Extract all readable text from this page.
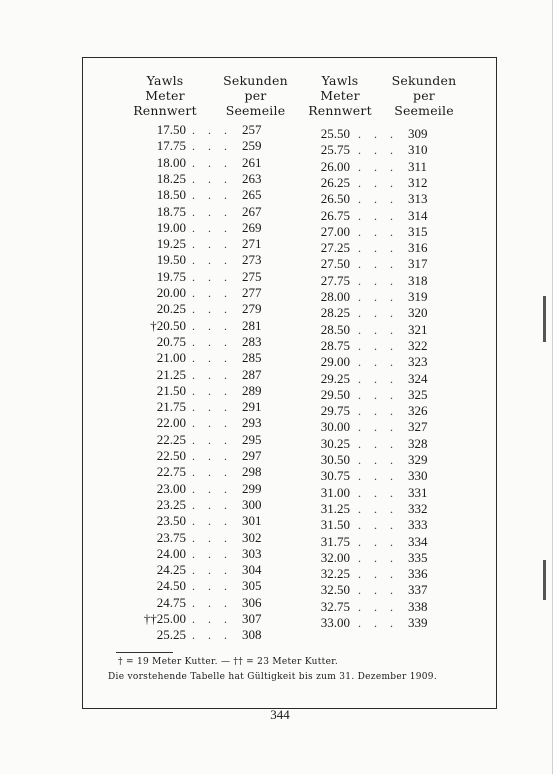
Yawls
Meter
Rennwert
Sekunden
per
Seemeile
Yawls
Meter
Rennwert
Sekunden
per
Seemeile
17.50 . . . 257
17.75 . . . 259
18.00 . . . 261
18.25 . . . 263
18.50 . . . 265
18.75 . . . 267
19.00 . . . 269
19.25 . . . 271
19.50 . . . 273
19.75 . . . 275
20.00 . . . 277
20.25 . . . 279
†20.50 . . . 281
20.75 . . . 283
21.00 . . . 285
21.25 . . . 287
21.50 . . . 289
21.75 . . . 291
22.00 . . . 293
22.25 . . . 295
22.50 . . . 297
22.75 . . . 298
23.00 . . . 299
23.25 . . . 300
23.50 . . . 301
23.75 . . . 302
24.00 . . . 303
24.25 . . . 304
24.50 . . . 305
24.75 . . . 306
††25.00 . . . 307
25.25 . . . 308
25.50 . . . 309
25.75 . . . 310
26.00 . . . 311
26.25 . . . 312
26.50 . . . 313
26.75 . . . 314
27.00 . . . 315
27.25 . . . 316
27.50 . . . 317
27.75 . . . 318
28.00 . . . 319
28.25 . . . 320
28.50 . . . 321
28.75 . . . 322
29.00 . . . 323
29.25 . . . 324
29.50 . . . 325
29.75 . . . 326
30.00 . . . 327
30.25 . . . 328
30.50 . . . 329
30.75 . . . 330
31.00 . . . 331
31.25 . . . 332
31.50 . . . 333
31.75 . . . 334
32.00 . . . 335
32.25 . . . 336
32.50 . . . 337
32.75 . . . 338
33.00 . . . 339
† = 19 Meter Kutter. — †† = 23 Meter Kutter.
Die vorstehende Tabelle hat Gültigkeit bis zum 31. Dezember 1909.
344
